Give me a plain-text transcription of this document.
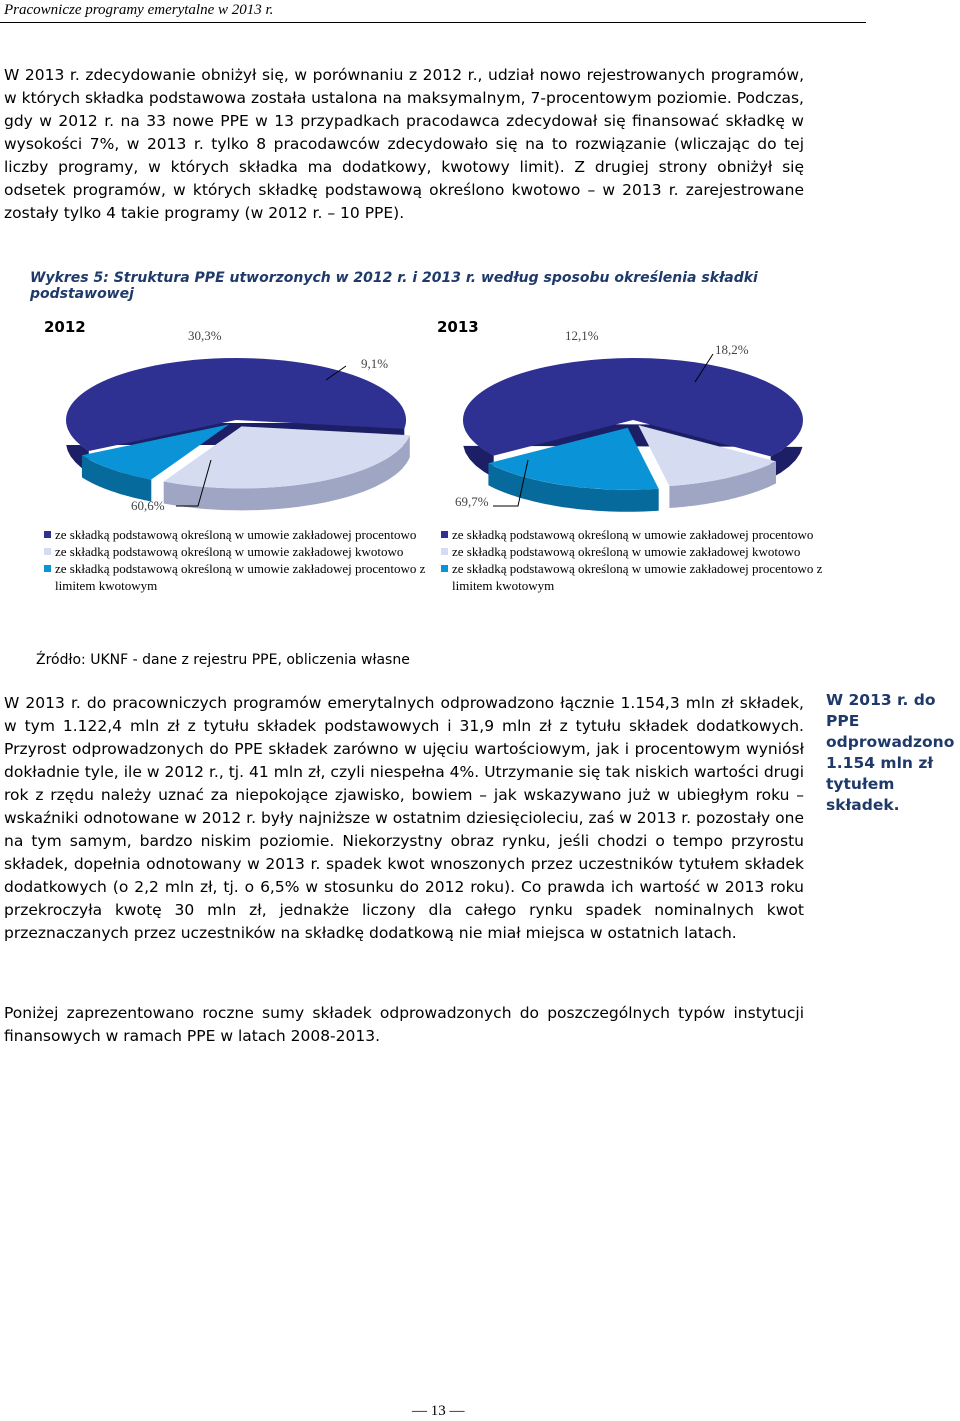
Pracownicze programy emerytalne w 2013 r.

W 2013 r. zdecydowanie obniżył się, w porównaniu z 2012 r., udział nowo rejestrowanych programów, w których składka podstawowa została ustalona na maksymalnym, 7-procentowym poziomie. Podczas, gdy w 2012 r. na 33 nowe PPE w 13 przypadkach pracodawca zdecydował się finansować składkę w wysokości 7%, w 2013 r. tylko 8 pracodawców zdecydowało się na to rozwiązanie (wliczając do tej liczby programy, w których składka ma dodatkowy, kwotowy limit). Z drugiej strony obniżył się odsetek programów, w których składkę podstawową określono kwotowo – w 2013 r. zarejestrowane zostały tylko 4 takie programy (w 2012 r. – 10 PPE).

Wykres 5: Struktura PPE utworzonych w 2012 r. i 2013 r. według sposobu określenia składki podstawowej
2012
60,6%
30,3%
9,1%
ze składką podstawową określoną w umowie zakładowej procentowo
ze składką podstawową określoną w umowie zakładowej kwotowo
ze składką podstawową określoną w umowie zakładowej procentowo z limitem kwotowym
2013
69,7%
12,1%
18,2%
ze składką podstawową określoną w umowie zakładowej procentowo
ze składką podstawową określoną w umowie zakładowej kwotowo
ze składką podstawową określoną w umowie zakładowej procentowo z limitem kwotowym
Źródło: UKNF - dane z rejestru PPE, obliczenia własne

W 2013 r. do pracowniczych programów emerytalnych odprowadzono łącznie 1.154,3 mln zł składek, w tym 1.122,4 mln zł z tytułu składek podstawowych i 31,9 mln zł z tytułu składek dodatkowych. Przyrost odprowadzonych do PPE składek zarówno w ujęciu wartościowym, jak i procentowym wyniósł dokładnie tyle, ile w 2012 r., tj. 41 mln zł, czyli niespełna 4%. Utrzymanie się tak niskich wartości drugi rok z rzędu należy uznać za niepokojące zjawisko, bowiem – jak wskazywano już w ubiegłym roku – wskaźniki odnotowane w 2012 r. były najniższe w ostatnim dziesięcioleciu, zaś w 2013 r. pozostały one na tym samym, bardzo niskim poziomie. Niekorzystny obraz rynku, jeśli chodzi o tempo przyrostu składek, dopełnia odnotowany w 2013 r. spadek kwot wnoszonych przez uczestników tytułem składek dodatkowych (o 2,2 mln zł, tj. o 6,5% w stosunku do 2012 roku). Co prawda ich wartość w 2013 roku przekroczyła kwotę 30 mln zł, jednakże liczony dla całego rynku spadek nominalnych kwot przeznaczanych przez uczestników na składkę dodatkową nie miał miejsca w ostatnich latach.

Poniżej zaprezentowano roczne sumy składek odprowadzonych do poszczególnych typów instytucji finansowych w ramach PPE w latach 2008-2013.

W 2013 r. do PPE odprowadzono 1.154 mln zł tytułem składek.
— 13 —
